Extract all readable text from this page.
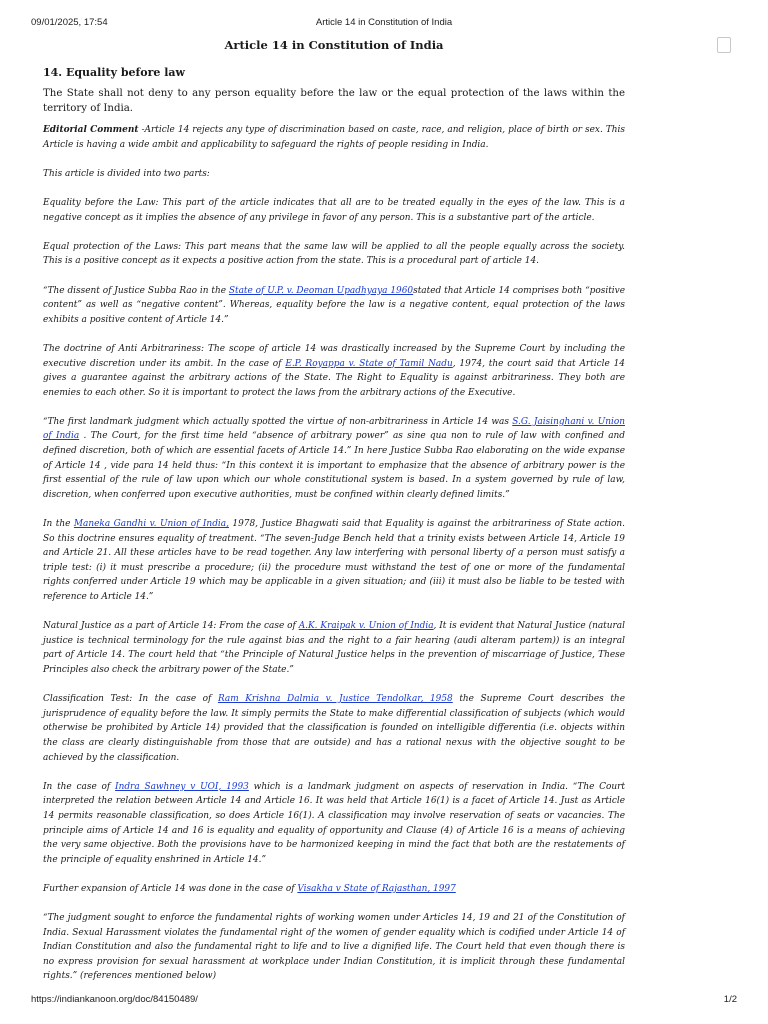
09/01/2025, 17:54	Article 14 in Constitution of India
Article 14 in Constitution of India
14. Equality before law
The State shall not deny to any person equality before the law or the equal protection of the laws within the territory of India.

Editorial Comment -Article 14 rejects any type of discrimination based on caste, race, and religion, place of birth or sex. This Article is having a wide ambit and applicability to safeguard the rights of people residing in India.

This article is divided into two parts:

Equality before the Law: This part of the article indicates that all are to be treated equally in the eyes of the law. This is a negative concept as it implies the absence of any privilege in favor of any person. This is a substantive part of the article.

Equal protection of the Laws: This part means that the same law will be applied to all the people equally across the society. This is a positive concept as it expects a positive action from the state. This is a procedural part of article 14.

“The dissent of Justice Subba Rao in the State of U.P. v. Deoman Upadhyaya 1960stated that Article 14 comprises both “positive content” as well as “negative content”. Whereas, equality before the law is a negative content, equal protection of the laws exhibits a positive content of Article 14.”

The doctrine of Anti Arbitrariness: The scope of article 14 was drastically increased by the Supreme Court by including the executive discretion under its ambit. In the case of E.P. Royappa v. State of Tamil Nadu, 1974, the court said that Article 14 gives a guarantee against the arbitrary actions of the State. The Right to Equality is against arbitrariness. They both are enemies to each other. So it is important to protect the laws from the arbitrary actions of the Executive.

“The first landmark judgment which actually spotted the virtue of non-arbitrariness in Article 14 was S.G. Jaisinghani v. Union of India . The Court, for the first time held “absence of arbitrary power” as sine qua non to rule of law with confined and defined discretion, both of which are essential facets of Article 14.” In here Justice Subba Rao elaborating on the wide expanse of Article 14 , vide para 14 held thus: “In this context it is important to emphasize that the absence of arbitrary power is the first essential of the rule of law upon which our whole constitutional system is based. In a system governed by rule of law, discretion, when conferred upon executive authorities, must be confined within clearly defined limits.”

In the Maneka Gandhi v. Union of India, 1978, Justice Bhagwati said that Equality is against the arbitrariness of State action. So this doctrine ensures equality of treatment. “The seven-Judge Bench held that a trinity exists between Article 14, Article 19 and Article 21. All these articles have to be read together. Any law interfering with personal liberty of a person must satisfy a triple test: (i) it must prescribe a procedure; (ii) the procedure must withstand the test of one or more of the fundamental rights conferred under Article 19 which may be applicable in a given situation; and (iii) it must also be liable to be tested with reference to Article 14.”

Natural Justice as a part of Article 14: From the case of A.K. Kraipak v. Union of India, It is evident that Natural Justice (natural justice is technical terminology for the rule against bias and the right to a fair hearing (audi alteram partem)) is an integral part of Article 14. The court held that “the Principle of Natural Justice helps in the prevention of miscarriage of Justice, These Principles also check the arbitrary power of the State.”

Classification Test: In the case of Ram Krishna Dalmia v. Justice Tendolkar, 1958 the Supreme Court describes the jurisprudence of equality before the law. It simply permits the State to make differential classification of subjects (which would otherwise be prohibited by Article 14) provided that the classification is founded on intelligible differentia (i.e. objects within the class are clearly distinguishable from those that are outside) and has a rational nexus with the objective sought to be achieved by the classification.

In the case of Indra Sawhney v UOI, 1993 which is a landmark judgment on aspects of reservation in India. “The Court interpreted the relation between Article 14 and Article 16. It was held that Article 16(1) is a facet of Article 14. Just as Article 14 permits reasonable classification, so does Article 16(1). A classification may involve reservation of seats or vacancies. The principle aims of Article 14 and 16 is equality and equality of opportunity and Clause (4) of Article 16 is a means of achieving the very same objective. Both the provisions have to be harmonized keeping in mind the fact that both are the restatements of the principle of equality enshrined in Article 14.”

Further expansion of Article 14 was done in the case of Visakha v State of Rajasthan, 1997

“The judgment sought to enforce the fundamental rights of working women under Articles 14, 19 and 21 of the Constitution of India. Sexual Harassment violates the fundamental right of the women of gender equality which is codified under Article 14 of Indian Constitution and also the fundamental right to life and to live a dignified life. The Court held that even though there is no express provision for sexual harassment at workplace under Indian Constitution, it is implicit through these fundamental rights.” (references mentioned below)

https://indiankanoon.org/doc/84150489/	1/2
